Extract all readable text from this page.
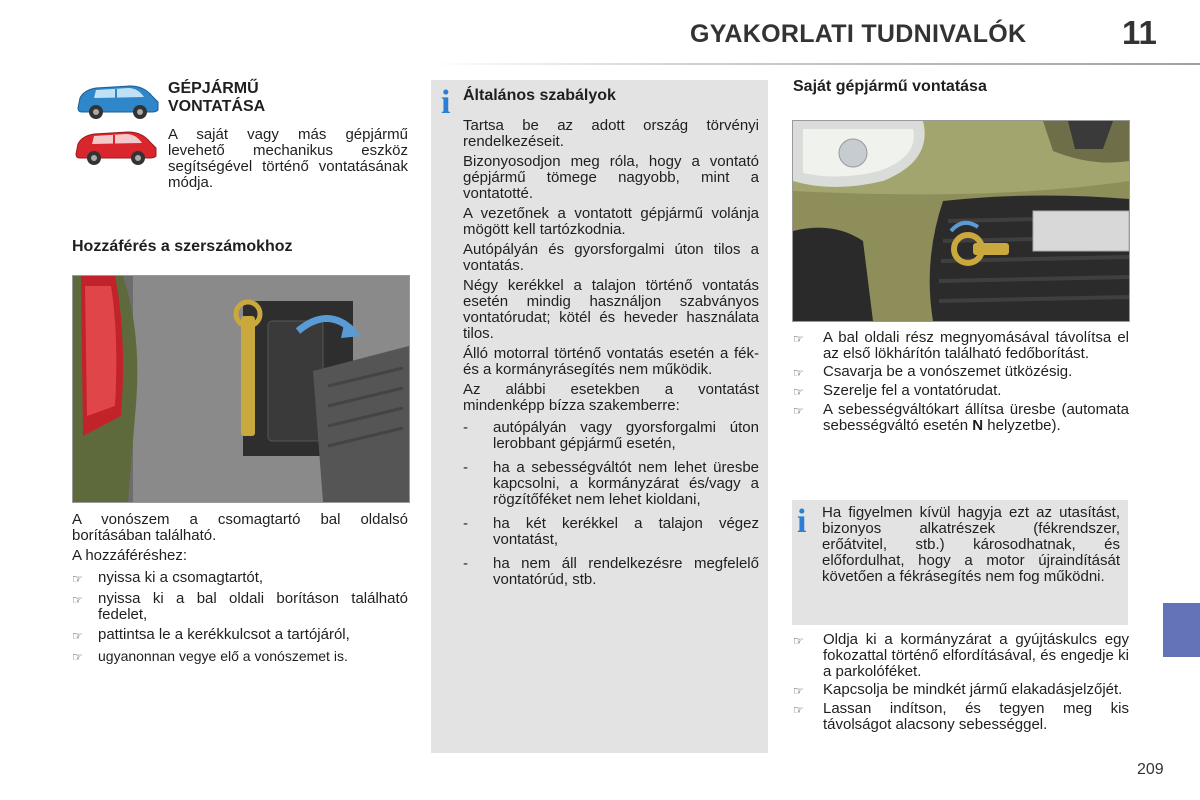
GYAKORLATI TUDNIVALÓK	11
209
GÉPJÁRMŰ
VONTATÁSA
A saját vagy más gépjármű levehető mechanikus eszköz segítségével történő vontatásának módja.
Hozzáférés a szerszámokhoz
A vonószem a csomagtartó bal oldalsó borításában található.
A hozzáféréshez:
☞	nyissa ki a csomagtartót,
☞	nyissa ki a bal oldali borításon található fedelet,
☞	pattintsa le a kerékkulcsot a tartójáról,
☞	ugyanonnan vegye elő a vonószemet is.
i Általános szabályok

Tartsa be az adott ország törvényi rendelkezéseit.

Bizonyosodjon meg róla, hogy a vontató gépjármű tömege nagyobb, mint a vontatotté.

A vezetőnek a vontatott gépjármű volánja mögött kell tartózkodnia.

Autópályán és gyorsforgalmi úton tilos a vontatás.

Négy kerékkel a talajon történő vontatás esetén mindig használjon szabványos vontatórudat; kötél és heveder használata tilos.

Álló motorral történő vontatás esetén a fék- és a kormányrásegítés nem működik.

Az alábbi esetekben a vontatást mindenképp bízza szakemberre:

-	autópályán vagy gyorsforgalmi úton lerobbant gépjármű esetén,
-	ha a sebességváltót nem lehet üresbe kapcsolni, a kormányzárat és/vagy a rögzítőféket nem lehet kioldani,
-	ha két kerékkel a talajon végez vontatást,
-	ha nem áll rendelkezésre megfelelő vontatórúd, stb.
Saját gépjármű vontatása
☞	A bal oldali rész megnyomásával távolítsa el az első lökhárítón található fedőborítást.
☞	Csavarja be a vonószemet ütközésig.
☞	Szerelje fel a vontatórudat.
☞	A sebességváltókart állítsa üresbe (automata sebességváltó esetén N helyzetbe).
i Ha figyelmen kívül hagyja ezt az utasítást, bizonyos alkatrészek (fékrendszer, erőátvitel, stb.) károsodhatnak, és előfordulhat, hogy a motor újraindítását követően a fékrásegítés nem fog működni.
☞	Oldja ki a kormányzárat a gyújtáskulcs egy fokozattal történő elfordításával, és engedje ki a parkolóféket.
☞	Kapcsolja be mindkét jármű elakadásjelzőjét.
☞	Lassan indítson, és tegyen meg kis távolságot alacsony sebességgel.
